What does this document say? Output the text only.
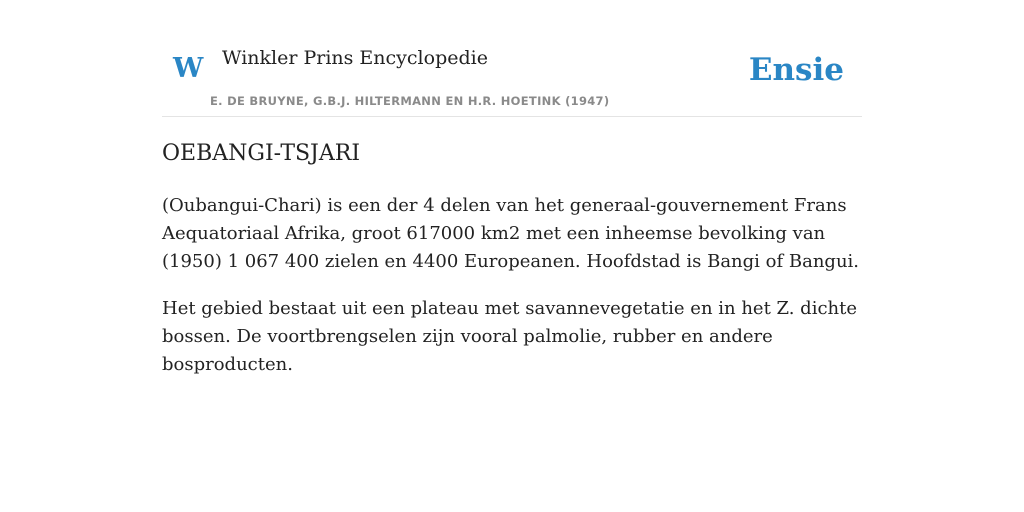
W Winkler Prins Encyclopedie
E. DE BRUYNE, G.B.J. HILTERMANN EN H.R. HOETINK (1947)
Ensie
OEBANGI-TSJARI

(Oubangui-Chari) is een der 4 delen van het generaal-gouvernement Frans Aequatoriaal Afrika, groot 617000 km2 met een inheemse bevolking van (1950) 1 067 400 zielen en 4400 Europeanen. Hoofdstad is Bangi of Bangui.

Het gebied bestaat uit een plateau met savannevegetatie en in het Z. dichte bossen. De voortbrengselen zijn vooral palmolie, rubber en andere bosproducten.
